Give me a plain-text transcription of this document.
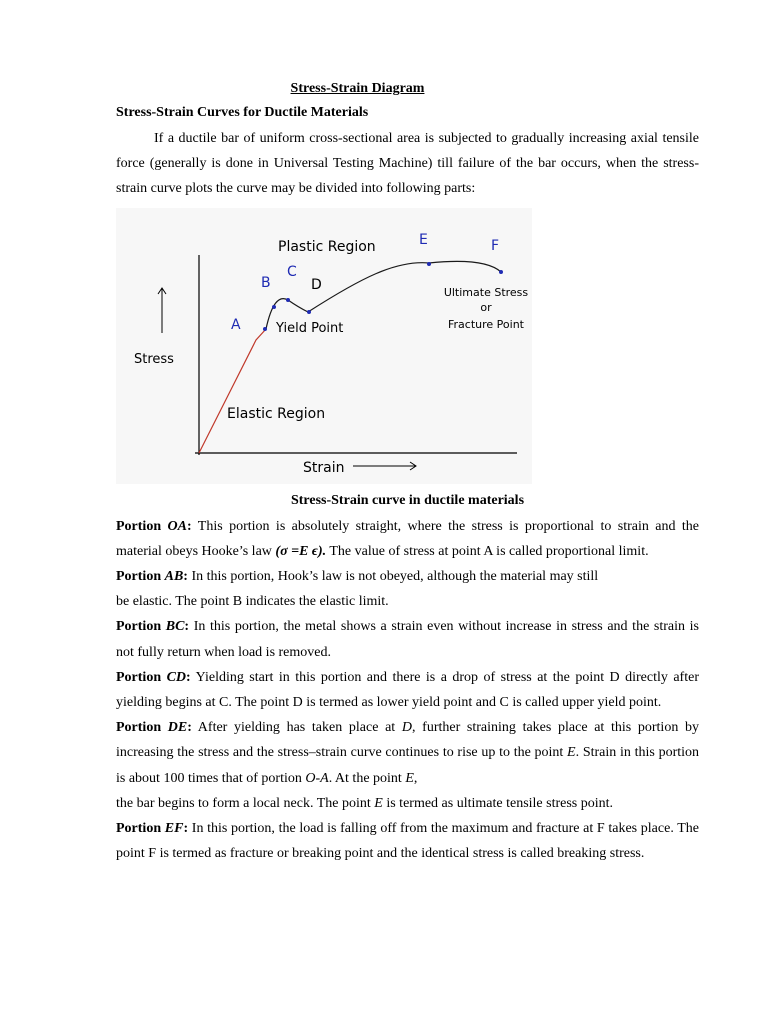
Stress-Strain Diagram
Stress-Strain Curves for Ductile Materials

If a ductile bar of uniform cross-sectional area is subjected to gradually increasing axial tensile force (generally is done in Universal Testing Machine) till failure of the bar occurs, when the stress-strain curve plots the curve may be divided into following parts:

Plastic Region
Elastic Region
Yield Point
Stress
Strain
Ultimate Stress
or
Fracture Point
A
B
C
D
E	F
Stress-Strain curve in ductile materials

Portion OA: This portion is absolutely straight, where the stress is proportional to strain and the material obeys Hooke’s law (σ =E ϵ). The value of stress at point A is called proportional limit.

Portion AB: In this portion, Hook’s law is not obeyed, although the material may still
be elastic. The point B indicates the elastic limit.

Portion BC: In this portion, the metal shows a strain even without increase in stress and the strain is not fully return when load is removed.

Portion CD: Yielding start in this portion and there is a drop of stress at the point D directly after yielding begins at C. The point D is termed as lower yield point and C is called upper yield point.

Portion DE: After yielding has taken place at D, further straining takes place at this portion by increasing the stress and the stress–strain curve continues to rise up to the point E. Strain in this portion is about 100 times that of portion O-A. At the point E,
the bar begins to form a local neck. The point E is termed as ultimate tensile stress point.

Portion EF: In this portion, the load is falling off from the maximum and fracture at F takes place. The point F is termed as fracture or breaking point and the identical stress is called breaking stress.
